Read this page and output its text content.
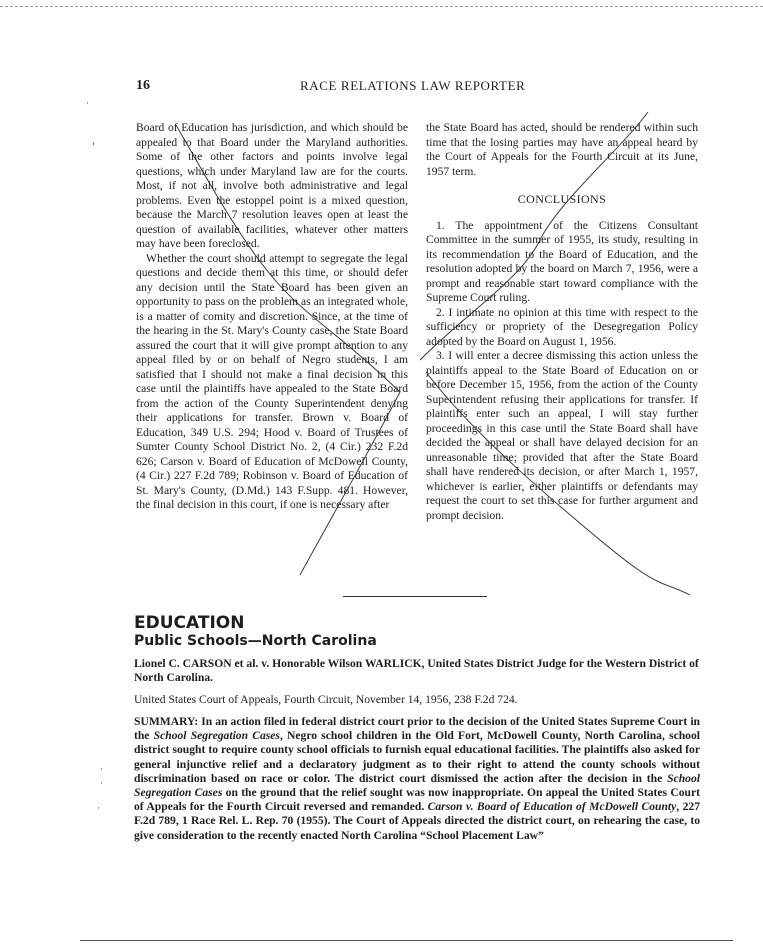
16	RACE RELATIONS LAW REPORTER
·
‹
·
·
·

Board of Education has jurisdiction, and which should be appealed to that Board under the Maryland authorities. Some of the other factors and points involve legal questions, which under Maryland law are for the courts. Most, if not all, involve both administrative and legal problems. Even the estoppel point is a mixed question, because the March 7 resolution leaves open at least the question of available facilities, whatever other matters may have been foreclosed.

Whether the court should attempt to segregate the legal questions and decide them at this time, or should defer any decision until the State Board has been given an opportunity to pass on the problem as an integrated whole, is a matter of comity and discretion. Since, at the time of the hearing in the St. Mary's County case, the State Board assured the court that it will give prompt attention to any appeal filed by or on behalf of Negro students, I am satisfied that I should not make a final decision in this case until the plaintiffs have appealed to the State Board from the action of the County Superintendent denying their applications for transfer. Brown v. Board of Education, 349 U.S. 294; Hood v. Board of Trustees of Sumter County School District No. 2, (4 Cir.) 232 F.2d 626; Carson v. Board of Education of McDowell County, (4 Cir.) 227 F.2d 789; Robinson v. Board of Education of St. Mary's County, (D.Md.) 143 F.Supp. 481. However, the final decision in this court, if one is necessary after

the State Board has acted, should be rendered within such time that the losing parties may have an appeal heard by the Court of Appeals for the Fourth Circuit at its June, 1957 term.

CONCLUSIONS

1. The appointment of the Citizens Consultant Committee in the summer of 1955, its study, resulting in its recommendation to the Board of Education, and the resolution adopted by the board on March 7, 1956, were a prompt and reasonable start toward compliance with the Supreme Court ruling.

2. I intimate no opinion at this time with respect to the sufficiency or propriety of the Desegregation Policy adopted by the Board on August 1, 1956.

3. I will enter a decree dismissing this action unless the plaintiffs appeal to the State Board of Education on or before December 15, 1956, from the action of the County Superintendent refusing their applications for transfer. If plaintiffs enter such an appeal, I will stay further proceedings in this case until the State Board shall have decided the appeal or shall have delayed decision for an unreasonable time; provided that after the State Board shall have rendered its decision, or after March 1, 1957, whichever is earlier, either plaintiffs or defendants may request the court to set this case for further argument and prompt decision.

EDUCATION
Public Schools—North Carolina

Lionel C. CARSON et al. v. Honorable Wilson WARLICK, United States District Judge for the Western District of North Carolina.

United States Court of Appeals, Fourth Circuit, November 14, 1956, 238 F.2d 724.

SUMMARY: In an action filed in federal district court prior to the decision of the United States Supreme Court in the School Segregation Cases, Negro school children in the Old Fort, McDowell County, North Carolina, school district sought to require county school officials to furnish equal educational facilities. The plaintiffs also asked for general injunctive relief and a declaratory judgment as to their right to attend the county schools without discrimination based on race or color. The district court dismissed the action after the decision in the School Segregation Cases on the ground that the relief sought was now inappropriate. On appeal the United States Court of Appeals for the Fourth Circuit reversed and remanded. Carson v. Board of Education of McDowell County, 227 F.2d 789, 1 Race Rel. L. Rep. 70 (1955). The Court of Appeals directed the district court, on rehearing the case, to give consideration to the recently enacted North Carolina “School Placement Law”
